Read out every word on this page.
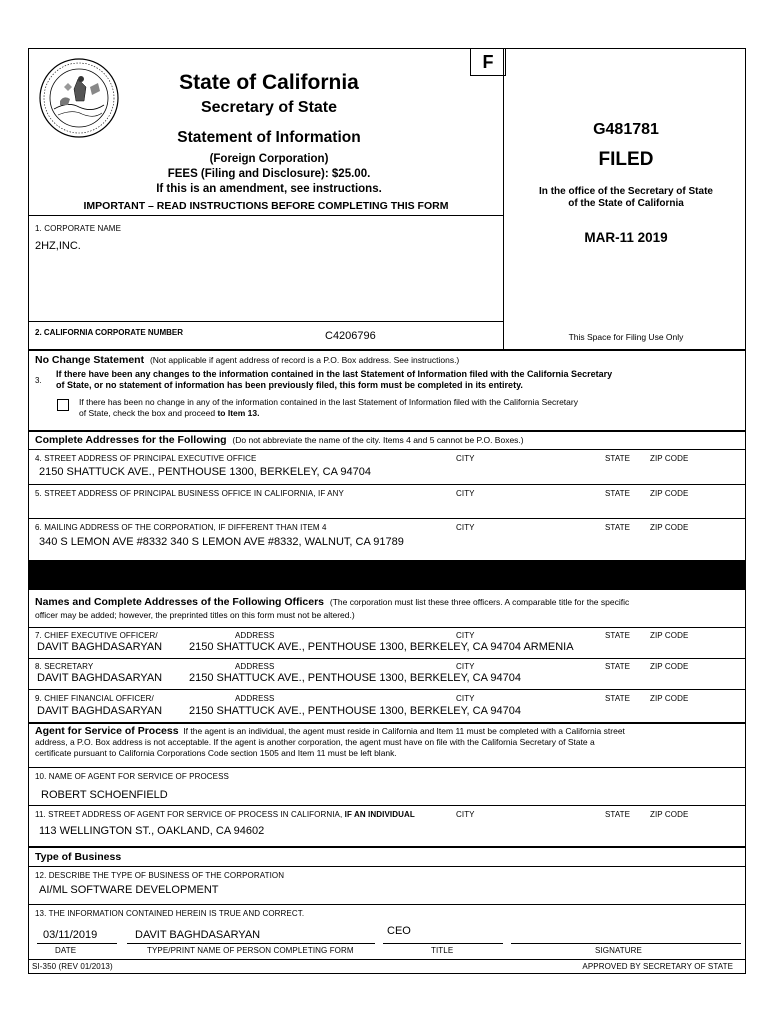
F
State of California
Secretary of State
Statement of Information
(Foreign Corporation)
FEES (Filing and Disclosure): $25.00.
If this is an amendment, see instructions.
IMPORTANT – READ INSTRUCTIONS BEFORE COMPLETING THIS FORM
G481781
FILED
In the office of the Secretary of State
of the State of California
MAR-11 2019
This Space for Filing Use Only
1. CORPORATE NAME
2HZ,INC.
2. CALIFORNIA CORPORATE NUMBER	C4206796
No Change Statement (Not applicable if agent address of record is a P.O. Box address. See instructions.)
3.
If there have been any changes to the information contained in the last Statement of Information filed with the California Secretary
of State, or no statement of information has been previously filed, this form must be completed in its entirety.
If there has been no change in any of the information contained in the last Statement of Information filed with the California Secretary
of State, check the box and proceed to Item 13.
Complete Addresses for the Following (Do not abbreviate the name of the city. Items 4 and 5 cannot be P.O. Boxes.)
4. STREET ADDRESS OF PRINCIPAL EXECUTIVE OFFICE	CITY	STATE ZIP CODE
2150 SHATTUCK AVE., PENTHOUSE 1300, BERKELEY, CA 94704
5. STREET ADDRESS OF PRINCIPAL BUSINESS OFFICE IN CALIFORNIA, IF ANY	CITY	STATE ZIP CODE
6. MAILING ADDRESS OF THE CORPORATION, IF DIFFERENT THAN ITEM 4	CITY	STATE ZIP CODE
340 S LEMON AVE #8332 340 S LEMON AVE #8332, WALNUT, CA 91789
Names and Complete Addresses of the Following Officers (The corporation must list these three officers. A comparable title for the specific
officer may be added; however, the preprinted titles on this form must not be altered.)
7. CHIEF EXECUTIVE OFFICER/	ADDRESS	CITY	STATE ZIP CODE
DAVIT BAGHDASARYAN 2150 SHATTUCK AVE., PENTHOUSE 1300, BERKELEY, CA 94704 ARMENIA
8. SECRETARY	ADDRESS	CITY	STATE ZIP CODE
DAVIT BAGHDASARYAN 2150 SHATTUCK AVE., PENTHOUSE 1300, BERKELEY, CA 94704
9. CHIEF FINANCIAL OFFICER/	ADDRESS	CITY	STATE ZIP CODE
DAVIT BAGHDASARYAN 2150 SHATTUCK AVE., PENTHOUSE 1300, BERKELEY, CA 94704
Agent for Service of Process If the agent is an individual, the agent must reside in California and Item 11 must be completed with a California street
address, a P.O. Box address is not acceptable. If the agent is another corporation, the agent must have on file with the California Secretary of State a
certificate pursuant to California Corporations Code section 1505 and Item 11 must be left blank.
10. NAME OF AGENT FOR SERVICE OF PROCESS
ROBERT SCHOENFIELD
11. STREET ADDRESS OF AGENT FOR SERVICE OF PROCESS IN CALIFORNIA, IF AN INDIVIDUAL	CITY	STATE ZIP CODE
113 WELLINGTON ST., OAKLAND, CA 94602
Type of Business
12. DESCRIBE THE TYPE OF BUSINESS OF THE CORPORATION
AI/ML SOFTWARE DEVELOPMENT
13. THE INFORMATION CONTAINED HEREIN IS TRUE AND CORRECT.
03/11/2019	DAVIT BAGHDASARYAN	CEO
DATE	TYPE/PRINT NAME OF PERSON COMPLETING FORM	TITLE	SIGNATURE
SI-350 (REV 01/2013)	APPROVED BY SECRETARY OF STATE
